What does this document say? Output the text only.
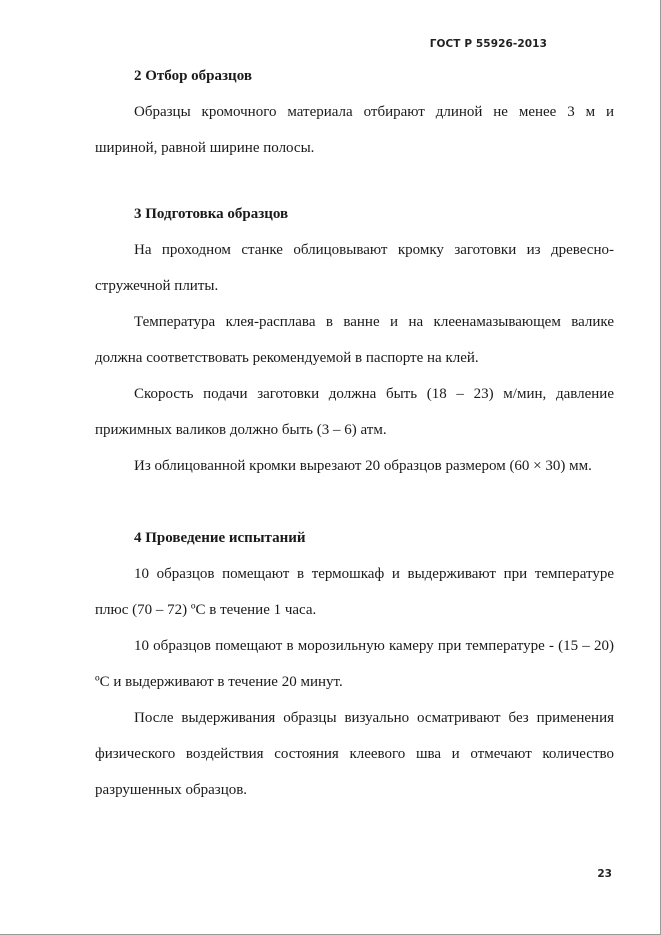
ГОСТ Р 55926-2013

2 Отбор образцов

Образцы кромочного материала отбирают длиной не менее 3 м и шириной, равной ширине полосы.

3 Подготовка образцов

На проходном станке облицовывают кромку заготовки из древесно-стружечной плиты.

Температура клея-расплава в ванне и на клеенамазывающем валике должна соответствовать рекомендуемой в паспорте на клей.

Скорость подачи заготовки должна быть (18 – 23) м/мин, давление прижимных валиков должно быть (3 – 6) атм.

Из облицованной кромки вырезают 20 образцов размером (60 × 30) мм.

4 Проведение испытаний

10 образцов помещают в термошкаф и выдерживают при температуре плюс (70 – 72) ºС в течение 1 часа.

10 образцов помещают в морозильную камеру при температуре - (15 – 20) ºС и выдерживают в течение 20 минут.

После выдерживания образцы визуально осматривают без применения физического воздействия состояния клеевого шва и отмечают количество разрушенных образцов.

23
